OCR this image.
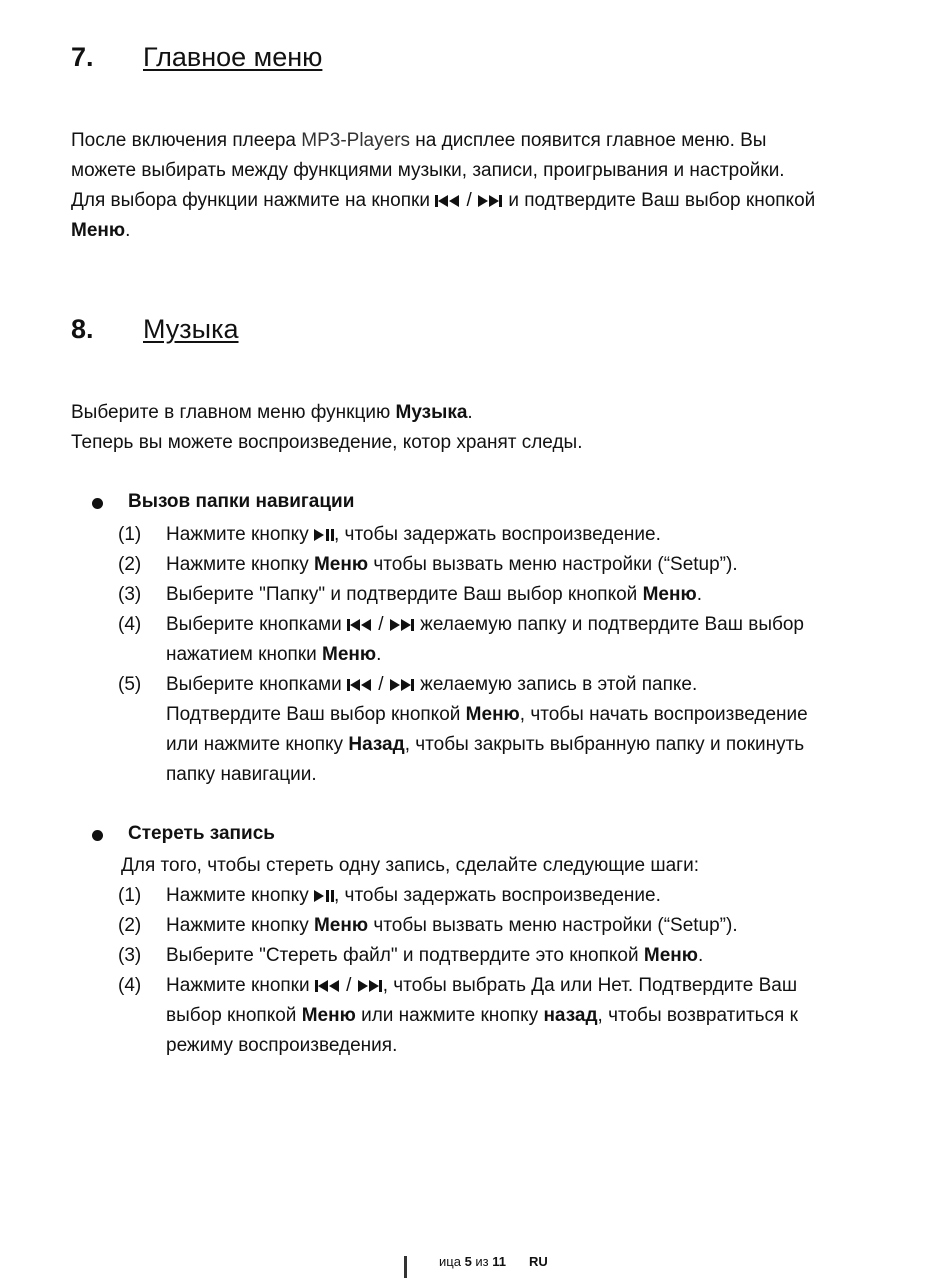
7. Главное меню
После включения плеера MP3-Players на дисплее появится главное меню. Вы
можете выбирать между функциями музыки, записи, проигрывания и настройки.
Для выбора функции нажмите на кнопки
/
и подтвердите Ваш выбор кнопкой
Меню.
8. Музыка
Выберите в главном меню функцию Музыка.
Теперь вы можете воспроизведение, котор хранят следы.
Вызов папки навигации
(1) Нажмите кнопку
, чтобы задержать воспроизведение.
(2) Нажмите кнопку Меню чтобы вызвать меню настройки (“Setup”).
(3) Выберите "Папку" и подтвердите Ваш выбор кнопкой Меню.
(4) Выберите кнопками
/
желаемую папку и подтвердите Ваш выбор
нажатием кнопки Меню.
(5) Выберите кнопками
/
желаемую запись в этой папке.
Подтвердите Ваш выбор кнопкой Меню, чтобы начать воспроизведение
или нажмите кнопку Назад, чтобы закрыть выбранную папку и покинуть
папку навигации.
Стереть запись
Для того, чтобы стереть одну запись, сделайте следующие шаги:
(1) Нажмите кнопку
, чтобы задержать воспроизведение.
(2) Нажмите кнопку Меню чтобы вызвать меню настройки (“Setup”).
(3) Выберите "Стереть файл" и подтвердите это кнопкой Меню.
(4) Нажмите кнопки
/
, чтобы выбрать Да или Нет. Подтвердите Ваш
выбор кнопкой Меню или нажмите кнопку назад, чтобы возвратиться к
режиму воспроизведения.
ица 5 из 11 RU
